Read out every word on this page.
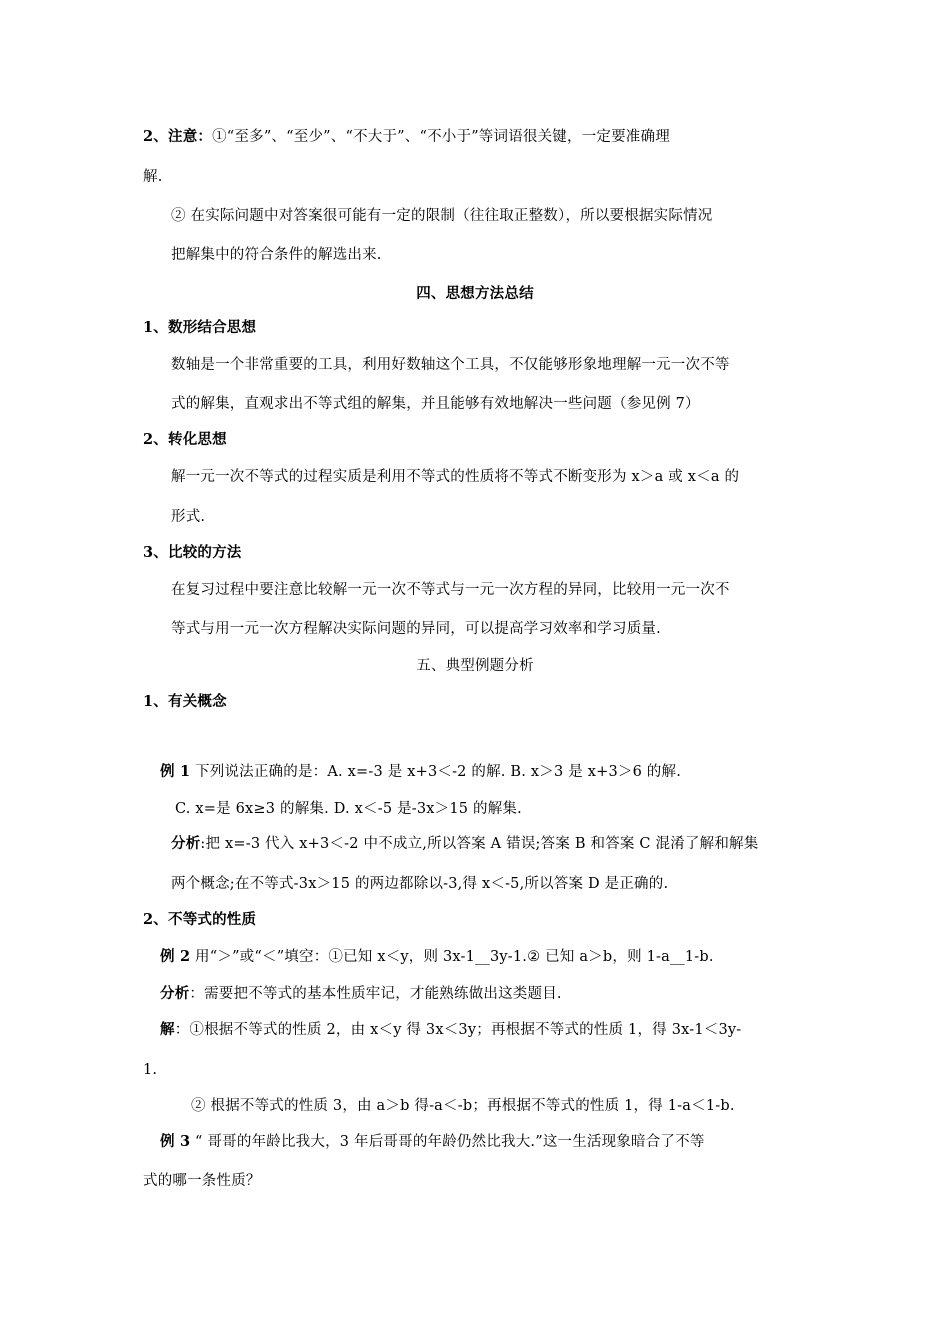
2、注意：①“至多”、“至少”、“不大于”、“不小于”等词语很关键，一定要准确理
解.
② 在实际问题中对答案很可能有一定的限制（往往取正整数），所以要根据实际情况
把解集中的符合条件的解选出来.
四、思想方法总结
1、数形结合思想
数轴是一个非常重要的工具，利用好数轴这个工具，不仅能够形象地理解一元一次不等
式的解集，直观求出不等式组的解集，并且能够有效地解决一些问题（参见例 7）
2、转化思想
解一元一次不等式的过程实质是利用不等式的性质将不等式不断变形为 x＞a 或 x＜a 的
形式.
3、比较的方法
在复习过程中要注意比较解一元一次不等式与一元一次方程的异同，比较用一元一次不
等式与用一元一次方程解决实际问题的异同，可以提高学习效率和学习质量.
五、典型例题分析
1、有关概念
例 1 下列说法正确的是：A. x=-3 是 x+3＜-2 的解. B. x＞3 是 x+3＞6 的解.
C. x=是 6x≥3 的解集. D. x＜-5 是-3x＞15 的解集.
分析:把 x=-3 代入 x+3＜-2 中不成立,所以答案 A 错误;答案 B 和答案 C 混淆了解和解集
两个概念;在不等式-3x＞15 的两边都除以-3,得 x＜-5,所以答案 D 是正确的.
2、不等式的性质
例 2 用“＞”或“＜”填空：①已知 x＜y，则 3x-1__3y-1.② 已知 a＞b，则 1-a__1-b.
分析：需要把不等式的基本性质牢记，才能熟练做出这类题目.
解：①根据不等式的性质 2，由 x＜y 得 3x＜3y；再根据不等式的性质 1，得 3x-1＜3y-
1.
② 根据不等式的性质 3，由 a＞b 得-a＜-b；再根据不等式的性质 1，得 1-a＜1-b.
例 3 “ 哥哥的年龄比我大，3 年后哥哥的年龄仍然比我大.”这一生活现象暗合了不等
式的哪一条性质？
